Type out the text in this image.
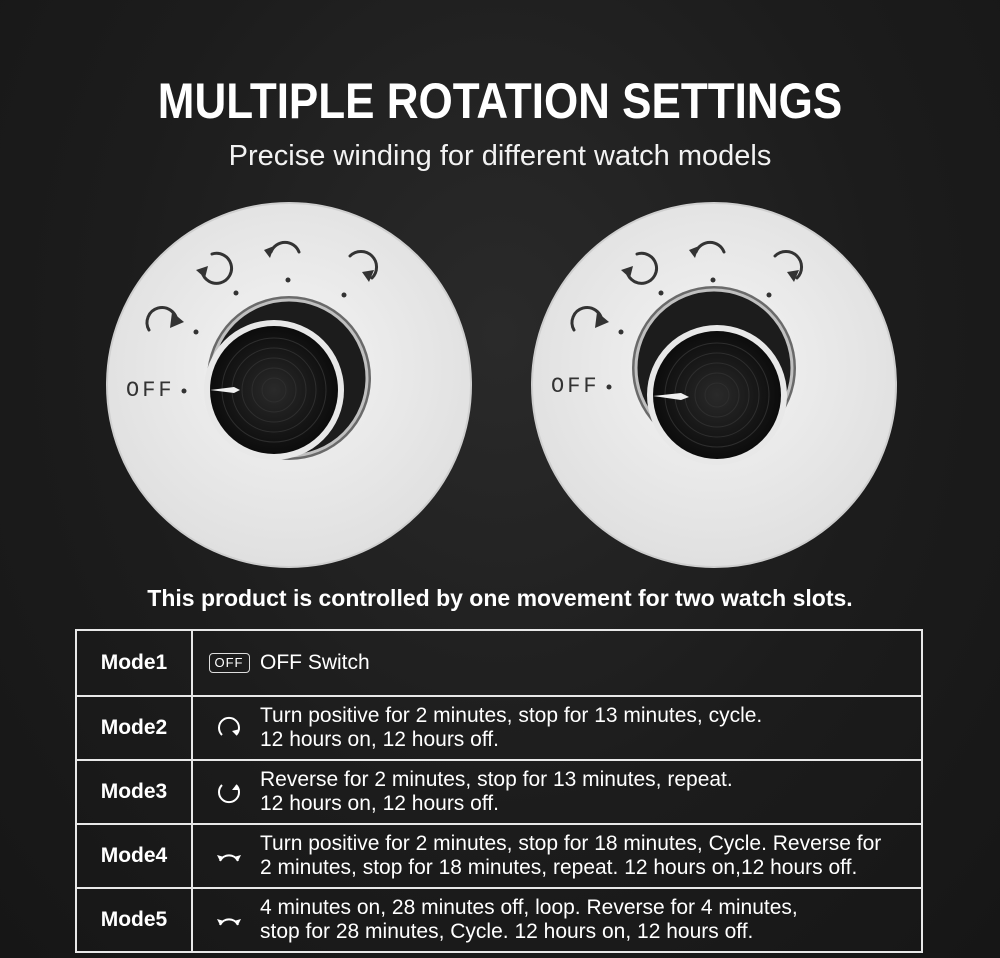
MULTIPLE ROTATION SETTINGS
Precise winding for different watch models
OFF	OFF
This product is controlled by one movement for two watch slots.
Mode1	OFF OFF Switch

Mode2	Turn positive for 2 minutes, stop for 13 minutes, cycle.
12 hours on, 12 hours off.

Mode3	Reverse for 2 minutes, stop for 13 minutes, repeat.
12 hours on, 12 hours off.

Mode4	Turn positive for 2 minutes, stop for 18 minutes, Cycle. Reverse for
2 minutes, stop for 18 minutes, repeat. 12 hours on,12 hours off.

Mode5	4 minutes on, 28 minutes off, loop. Reverse for 4 minutes,
stop for 28 minutes, Cycle. 12 hours on, 12 hours off.
